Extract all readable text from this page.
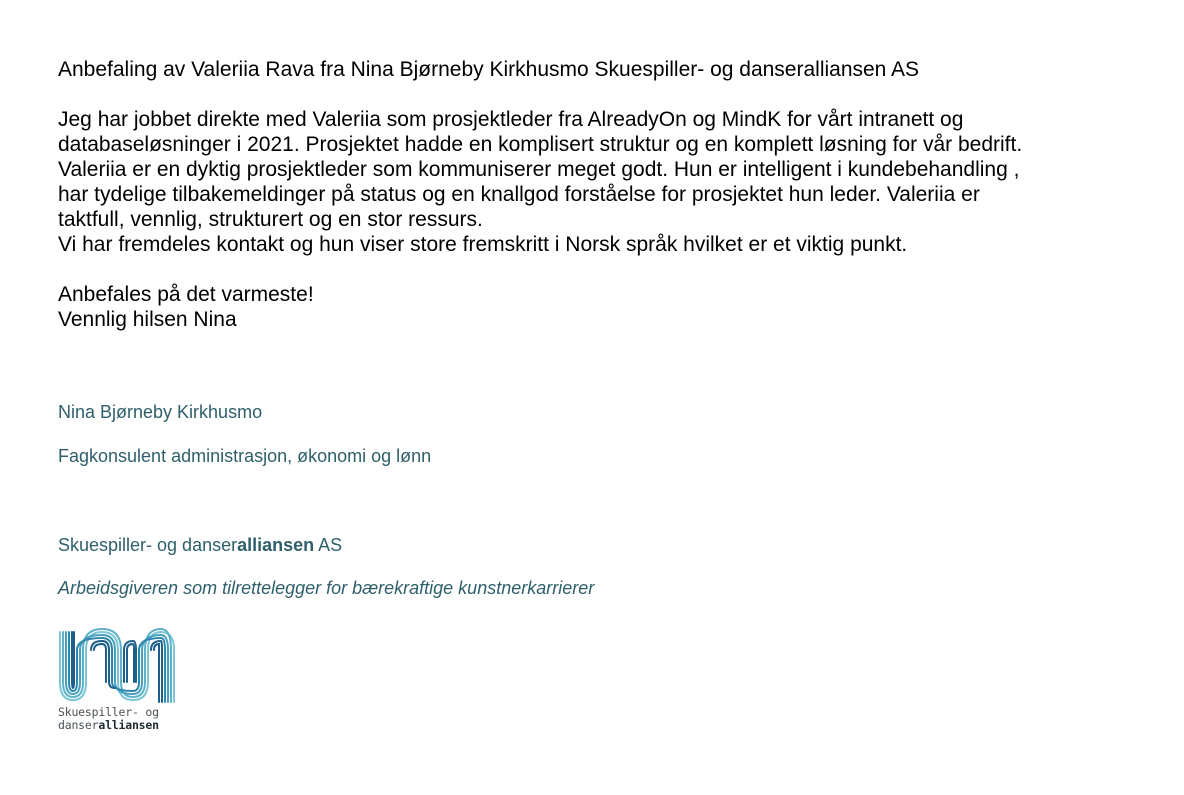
Anbefaling av Valeriia Rava fra Nina Bjørneby Kirkhusmo Skuespiller- og danseralliansen AS

Jeg har jobbet direkte med Valeriia som prosjektleder fra AlreadyOn og MindK for vårt intranett og

databaseløsninger i 2021. Prosjektet hadde en komplisert struktur og en komplett løsning for vår bedrift.

Valeriia er en dyktig prosjektleder som kommuniserer meget godt. Hun er intelligent i kundebehandling ,

har tydelige tilbakemeldinger på status og en knallgod forståelse for prosjektet hun leder. Valeriia er

taktfull, vennlig, strukturert og en stor ressurs.

Vi har fremdeles kontakt og hun viser store fremskritt i Norsk språk hvilket er et viktig punkt.

Anbefales på det varmeste!

Vennlig hilsen Nina

Nina Bjørneby Kirkhusmo
Fagkonsulent administrasjon, økonomi og lønn
Skuespiller- og danseralliansen AS
Arbeidsgiveren som tilrettelegger for bærekraftige kunstnerkarrierer
Skuespiller- og
danseralliansen
